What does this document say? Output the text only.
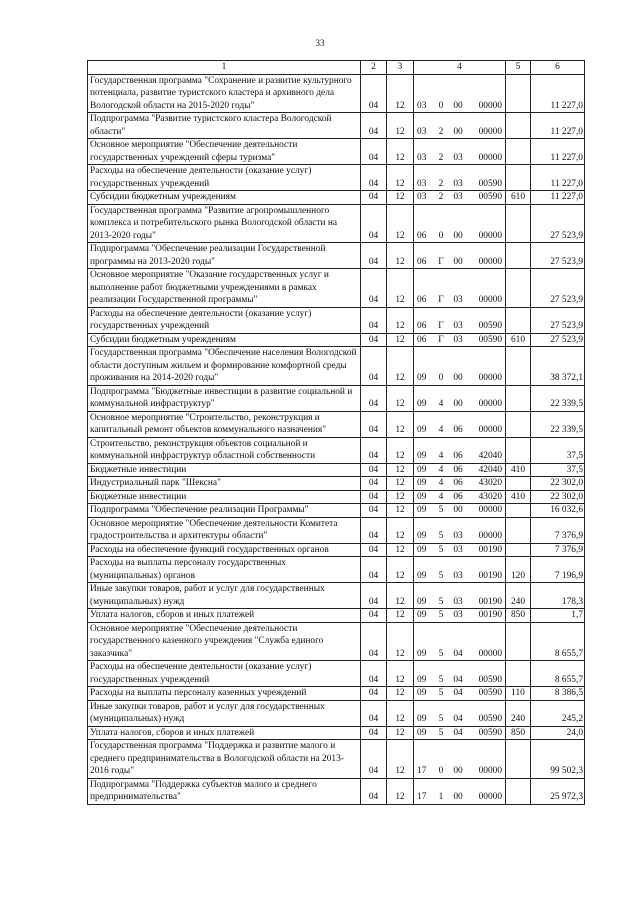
33
1	2	3	4	5	6
Государственная программа "Сохранение и развитие культурного потенциала, развитие туристского кластера и архивного дела Вологодской области на 2015-2020 годы"	04	12	03 0 00 00000		11 227,0
Подпрограмма "Развитие туристского кластера Вологодской области"	04	12	03 2 00 00000		11 227,0
Основное мероприятие "Обеспечение деятельности государственных учреждений сферы туризма"	04	12	03 2 03 00000		11 227,0
Расходы на обеспечение деятельности (оказание услуг) государственных учреждений	04	12	03 2 03 00590		11 227,0
Субсидии бюджетным учреждениям	04	12	03 2 03 00590	610	11 227,0
Государственная программа "Развитие агропромышленного комплекса и потребительского рынка Вологодской области на 2013-2020 годы"	04	12	06 0 00 00000		27 523,9
Подпрограмма "Обеспечение реализации Государственной программы на 2013-2020 годы"	04	12	06 Г 00 00000		27 523,9
Основное мероприятие "Оказание государственных услуг и выполнение работ бюджетными учреждениями в рамках реализации Государственной программы"	04	12	06 Г 03 00000		27 523,9
Расходы на обеспечение деятельности (оказание услуг) государственных учреждений	04	12	06 Г 03 00590		27 523,9
Субсидии бюджетным учреждениям	04	12	06 Г 03 00590	610	27 523,9
Государственная программа "Обеспечение населения Вологодской области доступным жильем и формирование комфортной среды проживания на 2014-2020 годы"	04	12	09 0 00 00000		38 372,1
Подпрограмма "Бюджетные инвестиции в развитие социальной и коммунальной инфраструктур"	04	12	09 4 00 00000		22 339,5
Основное мероприятие "Строительство, реконструкция и капитальный ремонт объектов коммунального назначения"	04	12	09 4 06 00000		22 339,5
Строительство, реконструкция объектов социальной и коммунальной инфраструктур областной собственности	04	12	09 4 06 42040		37,5
Бюджетные инвестиции	04	12	09 4 06 42040	410	37,5
Индустриальный парк "Шексна"	04	12	09 4 06 43020		22 302,0
Бюджетные инвестиции	04	12	09 4 06 43020	410	22 302,0
Подпрограмма "Обеспечение реализации Программы"	04	12	09 5 00 00000		16 032,6
Основное мероприятие "Обеспечение деятельности Комитета градостроительства и архитектуры области"	04	12	09 5 03 00000		7 376,9
Расходы на обеспечение функций государственных органов	04	12	09 5 03 00190		7 376,9
Расходы на выплаты персоналу государственных (муниципальных) органов	04	12	09 5 03 00190	120	7 196,9
Иные закупки товаров, работ и услуг для государственных (муниципальных) нужд	04	12	09 5 03 00190	240	178,3
Уплата налогов, сборов и иных платежей	04	12	09 5 03 00190	850	1,7
Основное мероприятие "Обеспечение деятельности государственного казенного учреждения "Служба единого заказчика"	04	12	09 5 04 00000		8 655,7
Расходы на обеспечение деятельности (оказание услуг) государственных учреждений	04	12	09 5 04 00590		8 655,7
Расходы на выплаты персоналу казенных учреждений	04	12	09 5 04 00590	110	8 386,5
Иные закупки товаров, работ и услуг для государственных (муниципальных) нужд	04	12	09 5 04 00590	240	245,2
Уплата налогов, сборов и иных платежей	04	12	09 5 04 00590	850	24,0
Государственная программа "Поддержка и развитие малого и среднего предпринимательства в Вологодской области на 2013-2016 годы"	04	12	17 0 00 00000		99 502,3
Подпрограмма "Поддержка субъектов малого и среднего предпринимательства"	04	12	17 1 00 00000		25 972,3
